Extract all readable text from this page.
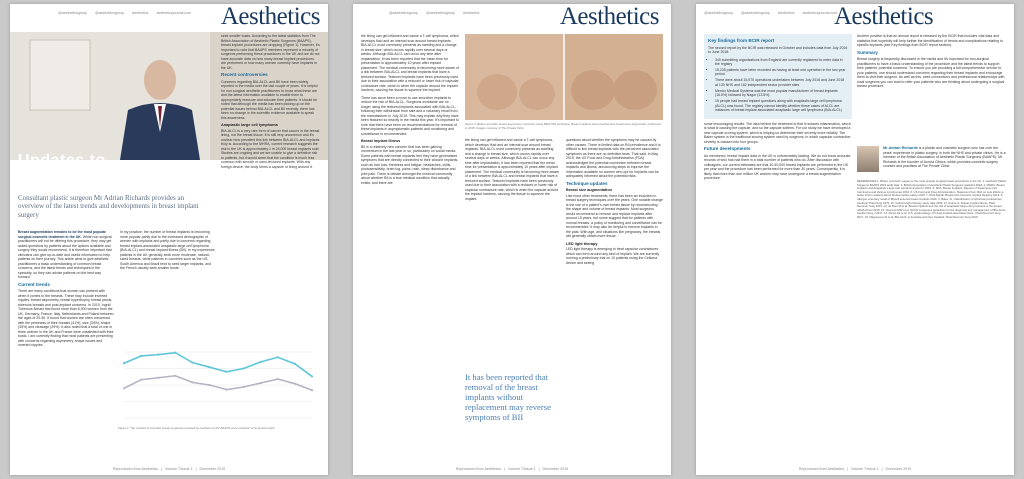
@aestheticsgroup @aestheticsgroup Aesthetics aestheticsjournal.com Aesthetics
Updates to
Breast Augmentation
Consultant plastic surgeon Mr Adrian Richards provides an overview of the latest trends and developments in breast implant surgery

Breast augmentation remains to be the most popular surgical cosmetic treatment in the UK. While non-surgical practitioners will not be offering this procedure, they may get asked questions by patients about the options available and surgery they would recommend. It is therefore important that clinicians can give up-to-date and useful information to help patients on their journey. This article aims to give aesthetic practitioners a basic understanding of common breast concerns, and the latest trends and techniques in the specialty, so they can advise patients on the best way forward.

Current trends

There are many conditions that women can present with when it comes to the breasts. These may include inverted nipples, breast asymmetry, breast hypertrophy, breast ptosis, tuberous breasts and post-implant concerns. In 2019, Ingrid Tuberous Breast trial found more than 6,000 women from the UK, Germany, France, Italy, Netherlands and Poland between the ages of 20-50. It found that women are often concerned with the perkiness of their breasts (41%), size (34%), shape (30%) and cleavage (29%). It also noted that a total of one in three women in the UK and France were unsatisfied with their busts. I am currently finding that most patients are presenting with concerns regarding asymmetry, shape issues and inverted nipples.

In my practice, the number of breast implants is becoming more popular partly due to the increased demographic of women with implants and partly due to concerns regarding breast implant-associated anaplastic large cell lymphoma (BIA-ALCL) and breast implant illness (BII). In my experience, patients in the UK generally seek more moderate, natural-sized breasts, while patients in countries such as the US, South America and Brazil tend to seek larger implants, and the French usually seek smaller busts.

seek smaller busts. According to the latest statistics from The British Association of Aesthetic Plastic Surgeons (BAAPS), breast implant procedures are dropping (Figure 1). However, it's important to note that BAAPS members represent a minority of surgeons performing these procedures in the UK and we do not have accurate data on how many breast implant procedures are performed or how many women currently have implants in the UK.

Recent controversies

Concerns regarding BIA-ALCL and BII have been widely reported in the media over the last couple of years. It is helpful for non-surgical aesthetic practitioners to know what these are and the latest information available to enable them to appropriately reassure and educate their patients. It should be noted that although the media has been picking up on the potential issues behind BIA-ALCL and BII recently, there has been no change in the scientific evidence available to speak this awareness.

Anaplastic large cell lymphoma

BIA-ALCL is a very rare form of cancer that occurs in the breast lining, not the breast tissue. It is still very uncommon and it's unclear how prevalent this link between BIA-ALCL and implants truly is. According to the MHRA, current research suggests the risk in the UK is approximately 1 in 24,000 breast implants sold. Studies are ongoing and we are unable to give a definitive risk to patients, but it would seem that the condition is much less common with smooth or nano-textured implants. With any foreign device, the body forms a capsule or lining around it.

Figure 1: The number of cosmetic breast surgeries recorded by members of the BAAPS since inception of its annual report
Reproduced from Aesthetics | Volume 7/Issue 1 | December 2019
@aestheticsgroup @aestheticsgroup Aesthetics	Aesthetics

the lining can get inflamed and cause a T-cell lymphoma, which develops fluid and an internal scar around breast implants. BIA-ALCL most commonly presents as swelling and a change in breast size, which occurs rapidly over several days or weeks. Although BIA-ALCL can occur any time after implantation, it has been reported that the mean time for presentation is approximately 10 years after implant placement. The medical community is becoming more aware of a link between BIA-ALCL and breast implants that have a textured surface. Textured implants have been previously used due to their association with a reduced or lower risk of capsular contracture rate, which is when the capsule around the implant hardens, causing the tissue to squeeze the implant.

There has since been a move to use smoother implants to reduce the risk of BIA-ALCL. Surgeons worldwide are no longer using the textured implants associated with BIA-ALCL, following their withdrawal from sale and a voluntary recall from the manufacturer in July 2019. This may explain why they have been featured so heavily in the media this year. It's important to note that there have been no recommendations for removal of these implants in asymptomatic patients and monitoring and surveillance is recommended.

Breast implant illness

BII is a relatively new concern that has been gaining momentum in the last year or so, particularly on social media. Some patients with breast implants feel they have generalised symptoms that are directly connected to their silicone implants, such as hair loss, tiredness and fatigue, headaches, chills, photosensitivity, brain fog, pains, rash, sleep disturbance and joint pain. There is debate amongst the medical community about whether BII is a true medical condition that actually exists, and there are

Figure 2: Before and after breast asymmetry correction using MENTOR technique. Breast implants were inserted and breast were augmented, performed in 2018. Images courtesy of The Private Clinic

the lining can get inflamed and cause a T-cell lymphoma, which develops fluid and an internal scar around breast implants. BIA-ALCL most commonly presents as swelling and a change in breast size, which occurs rapidly over several days or weeks. Although BIA-ALCL can occur any time after implantation, it has been reported that the mean time for presentation is approximately 10 years after implant placement. The medical community is becoming more aware of a link between BIA-ALCL and breast implants that have a textured surface. Textured implants have been previously used due to their association with a reduced or lower risk of capsular contracture rate, which is when the capsule around the implant hardens, causing the tissue to squeeze the implant.

questions about whether the symptoms may be caused by other causes. There is limited data on BII prevalence and it is difficult to link breast implants with the perceived associated symptoms as there are no definitive tests. That said, in May 2019, the US Food and Drug Administration (FDA) acknowledged the potential connection between breast implants and illness, announcing steps to improve the information available so women who opt for implants can be adequately informed about the potential risks.

Technique updates
Breast size augmentation

Like most other treatments, there has been an evolution in breast surgery techniques over the years. One notable change is the use of a patient's own breast tissue by reconstructing the shape and volume of breast implants. Most surgeons would recommend to remove and replace implants after around 15 years, but some suggest that for patients with normal breasts, a policy of monitoring and surveillance can be recommended. It may also be helpful to remove implants in the past. With age, and situations like pregnancy, the breasts will generally obtain more tissue.

LED light therapy

LED light therapy is emerging to treat capsular contractures which can form around any kind of implant. We are currently running a preliminary trial on 10 patients using the Celluma device and seeing

It has been reported that removal of the breast implants without replacement may reverse symptoms of BII
Reproduced from Aesthetics | Volume 7/Issue 1 | December 2019
@aestheticsgroup @aestheticsgroup Aesthetics aestheticsjournal.com
Aesthetics
Key findings from BCIR report

The second report by the BCIR was released in October and includes data from July 2016 to June 2018:

• 340 submitting organisations from England are currently registered to enter data in the registry
• 15,235 patients have been recorded as having at least one operation in the two year period
• There were about 15,570 operations undertaken between July 2016 and June 2018 at 130 NHS and 162 independent sector provider sites
• Mentor Medical Systems was the most popular manufacturer of breast implants (16.5%) followed by Nagor (13.8%)
• 15 people had breast implant questions along with anaplastic large cell lymphoma (ALCL) was found. The registry cannot identify whether these cases of ALCL are instances of breast implant associated anaplastic large cell lymphoma (BIA-ALCL)

some encouraging results. The idea behind the treatment is that it reduces inflammation, which is what is causing the capsule, and so the capsule softens. For our study we have developed a new capsule scoring system, which is helping us determine their severity more reliably. The Baker system is the traditional scoring system used by surgeons, in which capsular contraction severity is classed into four groups.

Future developments

As mentioned, breast implant data in the UK is unfortunately lacking. We do not know accurate records of who has had them in a total number of patients who do. After discussion with colleagues, our current estimates are that 30-40,000 breast implants are performed in the UK per year and the procedure has been performed for more than 30 years. Consequently, it is likely that more than one million UK women may have undergone a breast augmentation procedure.

Another positive is that an annual report is released by the BCIR that includes vital data and statistics that hopefully will help further the identification of trends and complications relating to specific implants (see Key findings from BCIR report section).

Summary

Breast surgery is frequently discussed in the media and it's important for non-surgical practitioners to have a basic understanding of the procedure and the latest trends to support their patients' potential concerns. To ensure you are providing a full comprehensive service to your patients, one should understand concerns regarding their breast implants and encourage them to visit their surgeon. As well as this, seek connections and professional relationships with local surgeons you can trust to refer your patients who are thinking about undergoing a surgical breast procedure.

Mr Adrian Richards is a plastic and cosmetic surgeon who has over ten years' experience in plastic surgery, in both the NHS and private clinics. He is a member of the British Association of Aesthetic Plastic Surgeons (BAAPS). Mr Richards is the founder of Aurora Clinics, which provides cosmetic surgery courses and practises at The Private Clinic.
REFERENCES 1. Mintel, Cosmetic surgery is the most popular surgical breast procedures in the UK. 2. Aesthetic Plastic Surgeons BAAPS 2019 audit data. 3. British Association of Aesthetic Plastic Surgeons statistics 2018. 4. MHRA, Breast implants and Anaplastic Large Cell Lymphoma (ALCL) 2019. 5. FDA, Breast Implants: Reports of Squamous Cell Carcinoma and Various Lymphomas 2019. 6. US Food and Drug Administration, Statement from FDA on new efforts to better inform patients about breast implant safety 2019. 7. NHS Digital, Breast and Cosmetic Implant Registry 2019. 8. Allergan voluntary recall of Biocell textured breast implants 2019. 9. Baker JL, Classification of spherical contractures, Aesthetic Plast Surg 1975. 10. Celluma light therapy study data 2019. 11. Keane G, Breast implant illness, Plast Reconstr Surg 2019. 12. de Boer M et al, Breast implants and the risk of anaplastic large-cell lymphoma in the breast, JAMA Oncol 2018. 13. Clemens MW et al, NCCN consensus guidelines for the diagnosis and management of BIA-ALCL, Aesthet Surg J 2017. 14. Doren EL et al, U.S. epidemiology of breast implant-associated ALCL, Plast Reconstr Surg 2017. 15. Magnusson M et al, BIA-ALCL in Australia and New Zealand, Plast Reconstr Surg 2019.
Reproduced from Aesthetics | Volume 7/Issue 1 | December 2019
